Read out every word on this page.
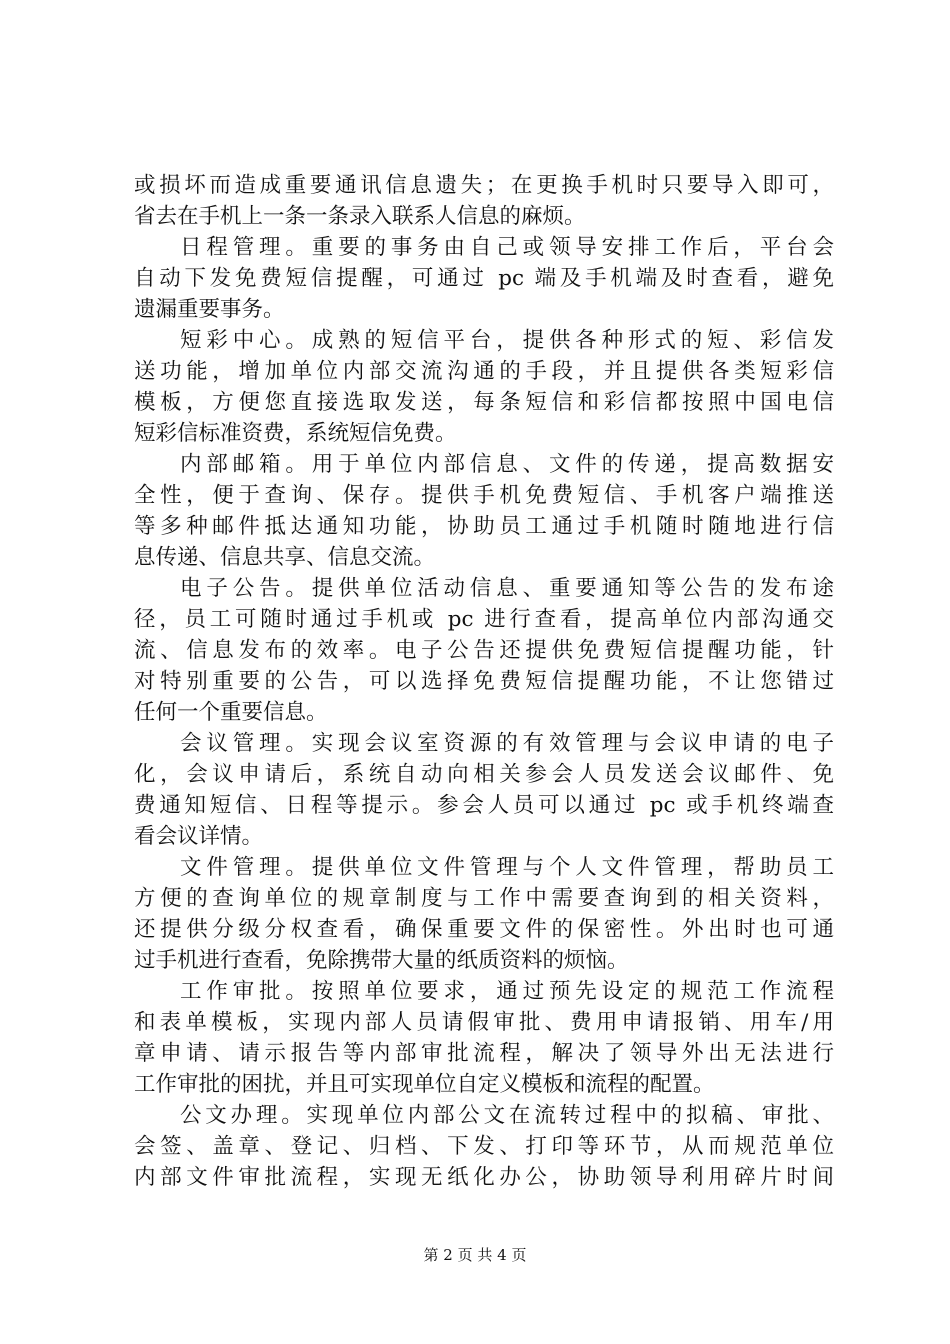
或损坏而造成重要通讯信息遗失；在更换手机时只要导入即可，
省去在手机上一条一条录入联系人信息的麻烦。
日程管理。重要的事务由自己或领导安排工作后，平台会
自动下发免费短信提醒，可通过 pc 端及手机端及时查看，避免
遗漏重要事务。
短彩中心。成熟的短信平台，提供各种形式的短、彩信发
送功能，增加单位内部交流沟通的手段，并且提供各类短彩信
模板，方便您直接选取发送，每条短信和彩信都按照中国电信
短彩信标准资费，系统短信免费。
内部邮箱。用于单位内部信息、文件的传递，提高数据安
全性，便于查询、保存。提供手机免费短信、手机客户端推送
等多种邮件抵达通知功能，协助员工通过手机随时随地进行信
息传递、信息共享、信息交流。
电子公告。提供单位活动信息、重要通知等公告的发布途
径，员工可随时通过手机或 pc 进行查看，提高单位内部沟通交
流、信息发布的效率。电子公告还提供免费短信提醒功能，针
对特别重要的公告，可以选择免费短信提醒功能，不让您错过
任何一个重要信息。
会议管理。实现会议室资源的有效管理与会议申请的电子
化，会议申请后，系统自动向相关参会人员发送会议邮件、免
费通知短信、日程等提示。参会人员可以通过 pc 或手机终端查
看会议详情。
文件管理。提供单位文件管理与个人文件管理，帮助员工
方便的查询单位的规章制度与工作中需要查询到的相关资料，
还提供分级分权查看，确保重要文件的保密性。外出时也可通
过手机进行查看，免除携带大量的纸质资料的烦恼。
工作审批。按照单位要求，通过预先设定的规范工作流程
和表单模板，实现内部人员请假审批、费用申请报销、用车/用
章申请、请示报告等内部审批流程，解决了领导外出无法进行
工作审批的困扰，并且可实现单位自定义模板和流程的配置。
公文办理。实现单位内部公文在流转过程中的拟稿、审批、
会签、盖章、登记、归档、下发、打印等环节，从而规范单位
内部文件审批流程，实现无纸化办公，协助领导利用碎片时间
第 2 页 共 4 页
